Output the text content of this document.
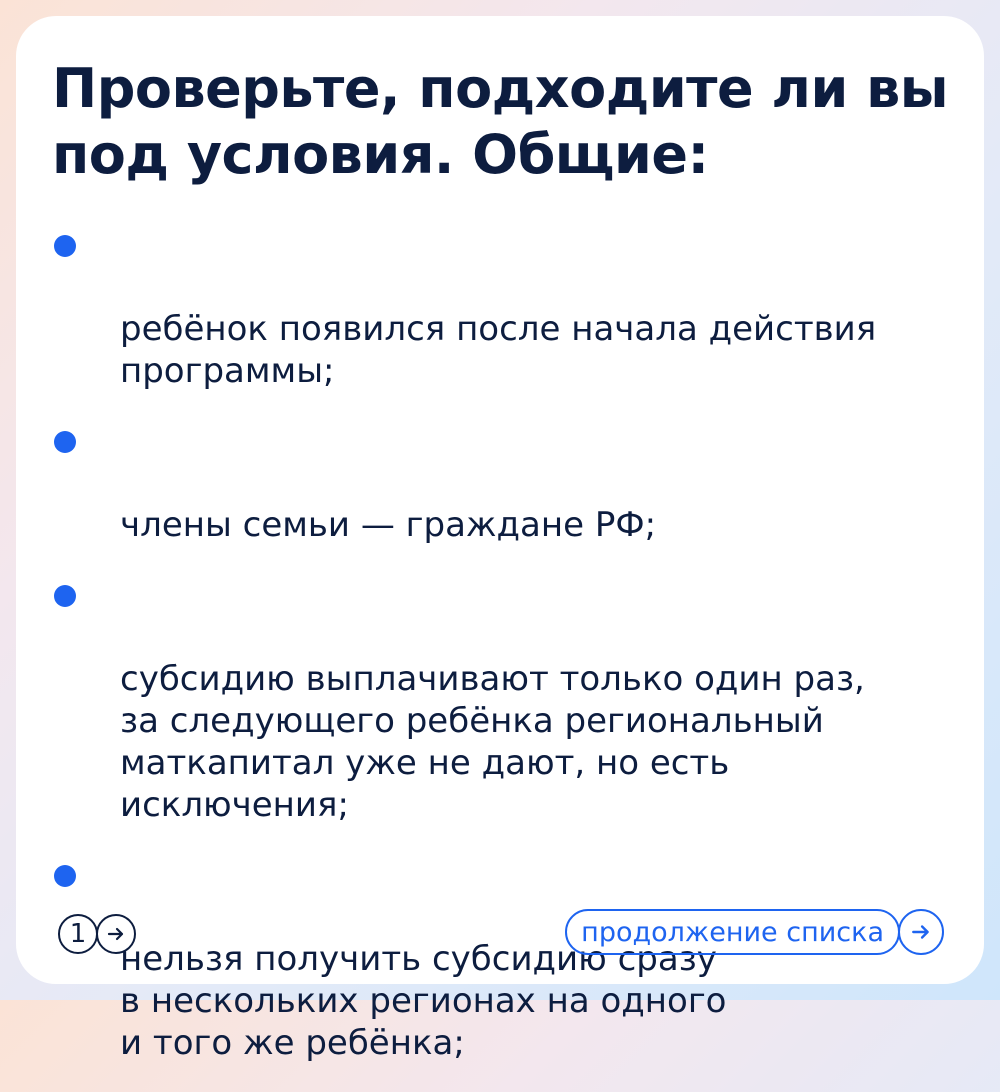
Проверьте, подходите ли вы под условия. Общие:

ребёнок появился после начала действия
программы;

члены семьи — граждане РФ;

субсидию выплачивают только один раз,
за следующего ребёнка региональный
маткапитал уже не дают, но есть
исключения;

нельзя получить субсидию сразу
в нескольких регионах на одного
и того же ребёнка;

1	продолжение списка
